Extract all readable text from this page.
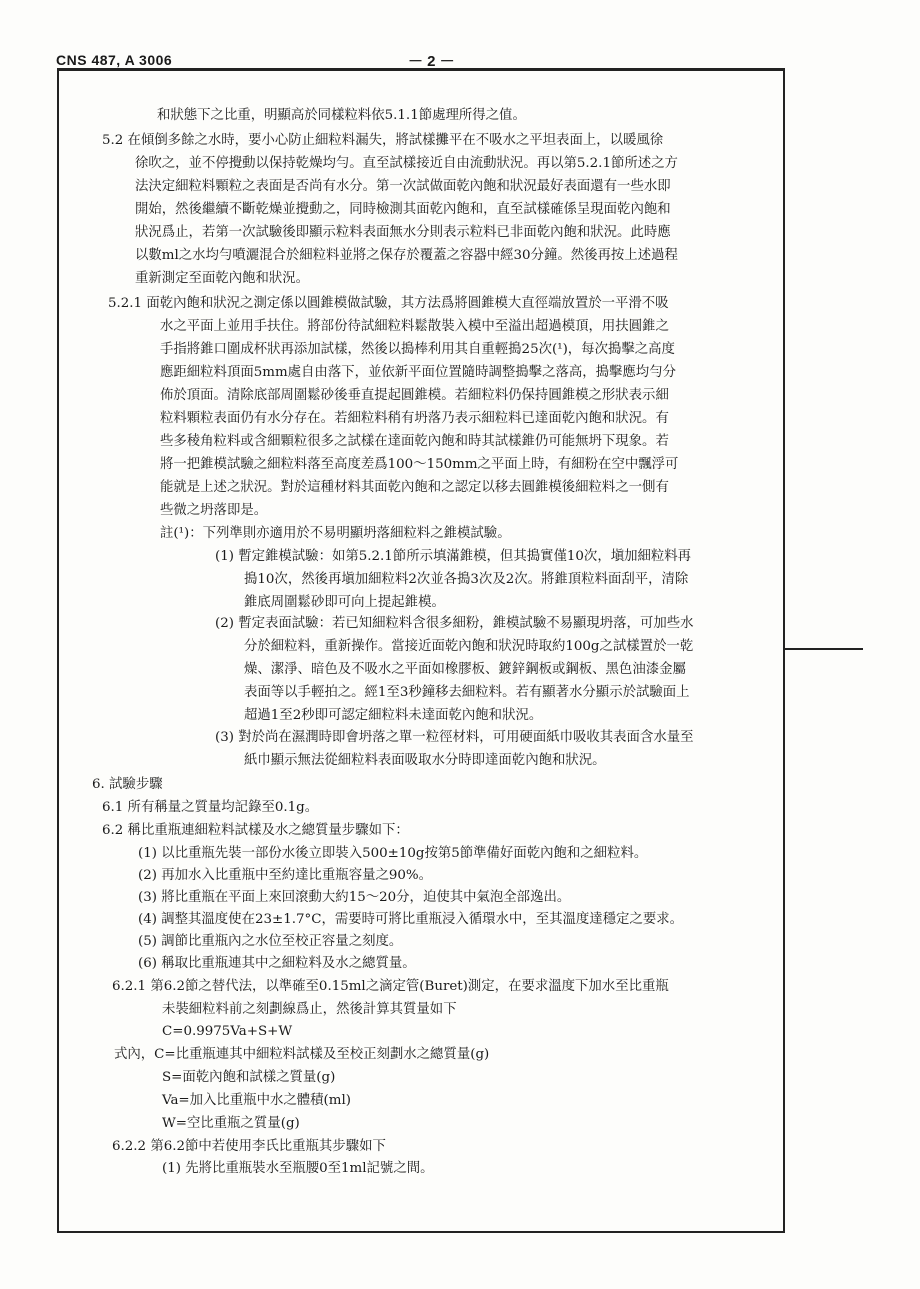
CNS 487, A 3006	－ 2 －
和狀態下之比重，明顯高於同樣粒料依5.1.1節處理所得之值。
5.2 在傾倒多餘之水時，要小心防止細粒料漏失，將試樣攤平在不吸水之平坦表面上，以暖風徐
徐吹之，並不停攪動以保持乾燥均勻。直至試樣接近自由流動狀況。再以第5.2.1節所述之方
法決定細粒料顆粒之表面是否尚有水分。第一次試做面乾內飽和狀況最好表面還有一些水即
開始，然後繼續不斷乾燥並攪動之，同時檢測其面乾內飽和，直至試樣確係呈現面乾內飽和
狀況爲止，若第一次試驗後即顯示粒料表面無水分則表示粒料已非面乾內飽和狀況。此時應
以數ml之水均勻噴灑混合於細粒料並將之保存於覆蓋之容器中經30分鐘。然後再按上述過程
重新測定至面乾內飽和狀況。
5.2.1 面乾內飽和狀況之測定係以圓錐模做試驗，其方法爲將圓錐模大直徑端放置於一平滑不吸
水之平面上並用手扶住。將部份待試細粒料鬆散裝入模中至溢出超過模頂，用扶圓錐之
手指將錐口圍成杯狀再添加試樣，然後以搗棒利用其自重輕搗25次(¹)，每次搗擊之高度
應距細粒料頂面5mm處自由落下，並依新平面位置隨時調整搗擊之落高，搗擊應均勻分
佈於頂面。清除底部周圍鬆砂後垂直提起圓錐模。若細粒料仍保持圓錐模之形狀表示細
粒料顆粒表面仍有水分存在。若細粒料稍有坍落乃表示細粒料已達面乾內飽和狀況。有
些多稜角粒料或含細顆粒很多之試樣在達面乾內飽和時其試樣錐仍可能無坍下現象。若
將一把錐模試驗之細粒料落至高度差爲100～150mm之平面上時，有細粉在空中飄浮可
能就是上述之狀況。對於這種材料其面乾內飽和之認定以移去圓錐模後細粒料之一側有
些微之坍落即是。
註(¹)：下列準則亦適用於不易明顯坍落細粒料之錐模試驗。
(1) 暫定錐模試驗：如第5.2.1節所示填滿錐模，但其搗實僅10次，塡加細粒料再
搗10次，然後再塡加細粒料2次並各搗3次及2次。將錐頂粒料面刮平，清除
錐底周圍鬆砂即可向上提起錐模。
(2) 暫定表面試驗：若已知細粒料含很多細粉，錐模試驗不易顯現坍落，可加些水
分於細粒料，重新操作。當接近面乾內飽和狀況時取約100g之試樣置於一乾
燥、潔淨、暗色及不吸水之平面如橡膠板、鍍鋅鋼板或鋼板、黑色油漆金屬
表面等以手輕拍之。經1至3秒鐘移去細粒料。若有顯著水分顯示於試驗面上
超過1至2秒即可認定細粒料未達面乾內飽和狀況。
(3) 對於尚在濕潤時即會坍落之單一粒徑材料，可用硬面紙巾吸收其表面含水量至
紙巾顯示無法從細粒料表面吸取水分時即達面乾內飽和狀況。
6. 試驗步驟
6.1 所有稱量之質量均記錄至0.1g。
6.2 稱比重瓶連細粒料試樣及水之總質量步驟如下：
(1) 以比重瓶先裝一部份水後立即裝入500±10g按第5節準備好面乾內飽和之細粒料。
(2) 再加水入比重瓶中至約達比重瓶容量之90%。
(3) 將比重瓶在平面上來回滾動大約15～20分，迫使其中氣泡全部逸出。
(4) 調整其溫度使在23±1.7°C，需要時可將比重瓶浸入循環水中，至其溫度達穩定之要求。
(5) 調節比重瓶內之水位至校正容量之刻度。
(6) 稱取比重瓶連其中之細粒料及水之總質量。
6.2.1 第6.2節之替代法，以準確至0.15ml之滴定管(Buret)測定，在要求溫度下加水至比重瓶
未裝細粒料前之刻劃線爲止，然後計算其質量如下
C=0.9975Va+S+W
式內，C=比重瓶連其中細粒料試樣及至校正刻劃水之總質量(g)
S=面乾內飽和試樣之質量(g)
Va=加入比重瓶中水之體積(ml)
W=空比重瓶之質量(g)
6.2.2 第6.2節中若使用李氏比重瓶其步驟如下
(1) 先將比重瓶裝水至瓶腰0至1ml記號之間。
